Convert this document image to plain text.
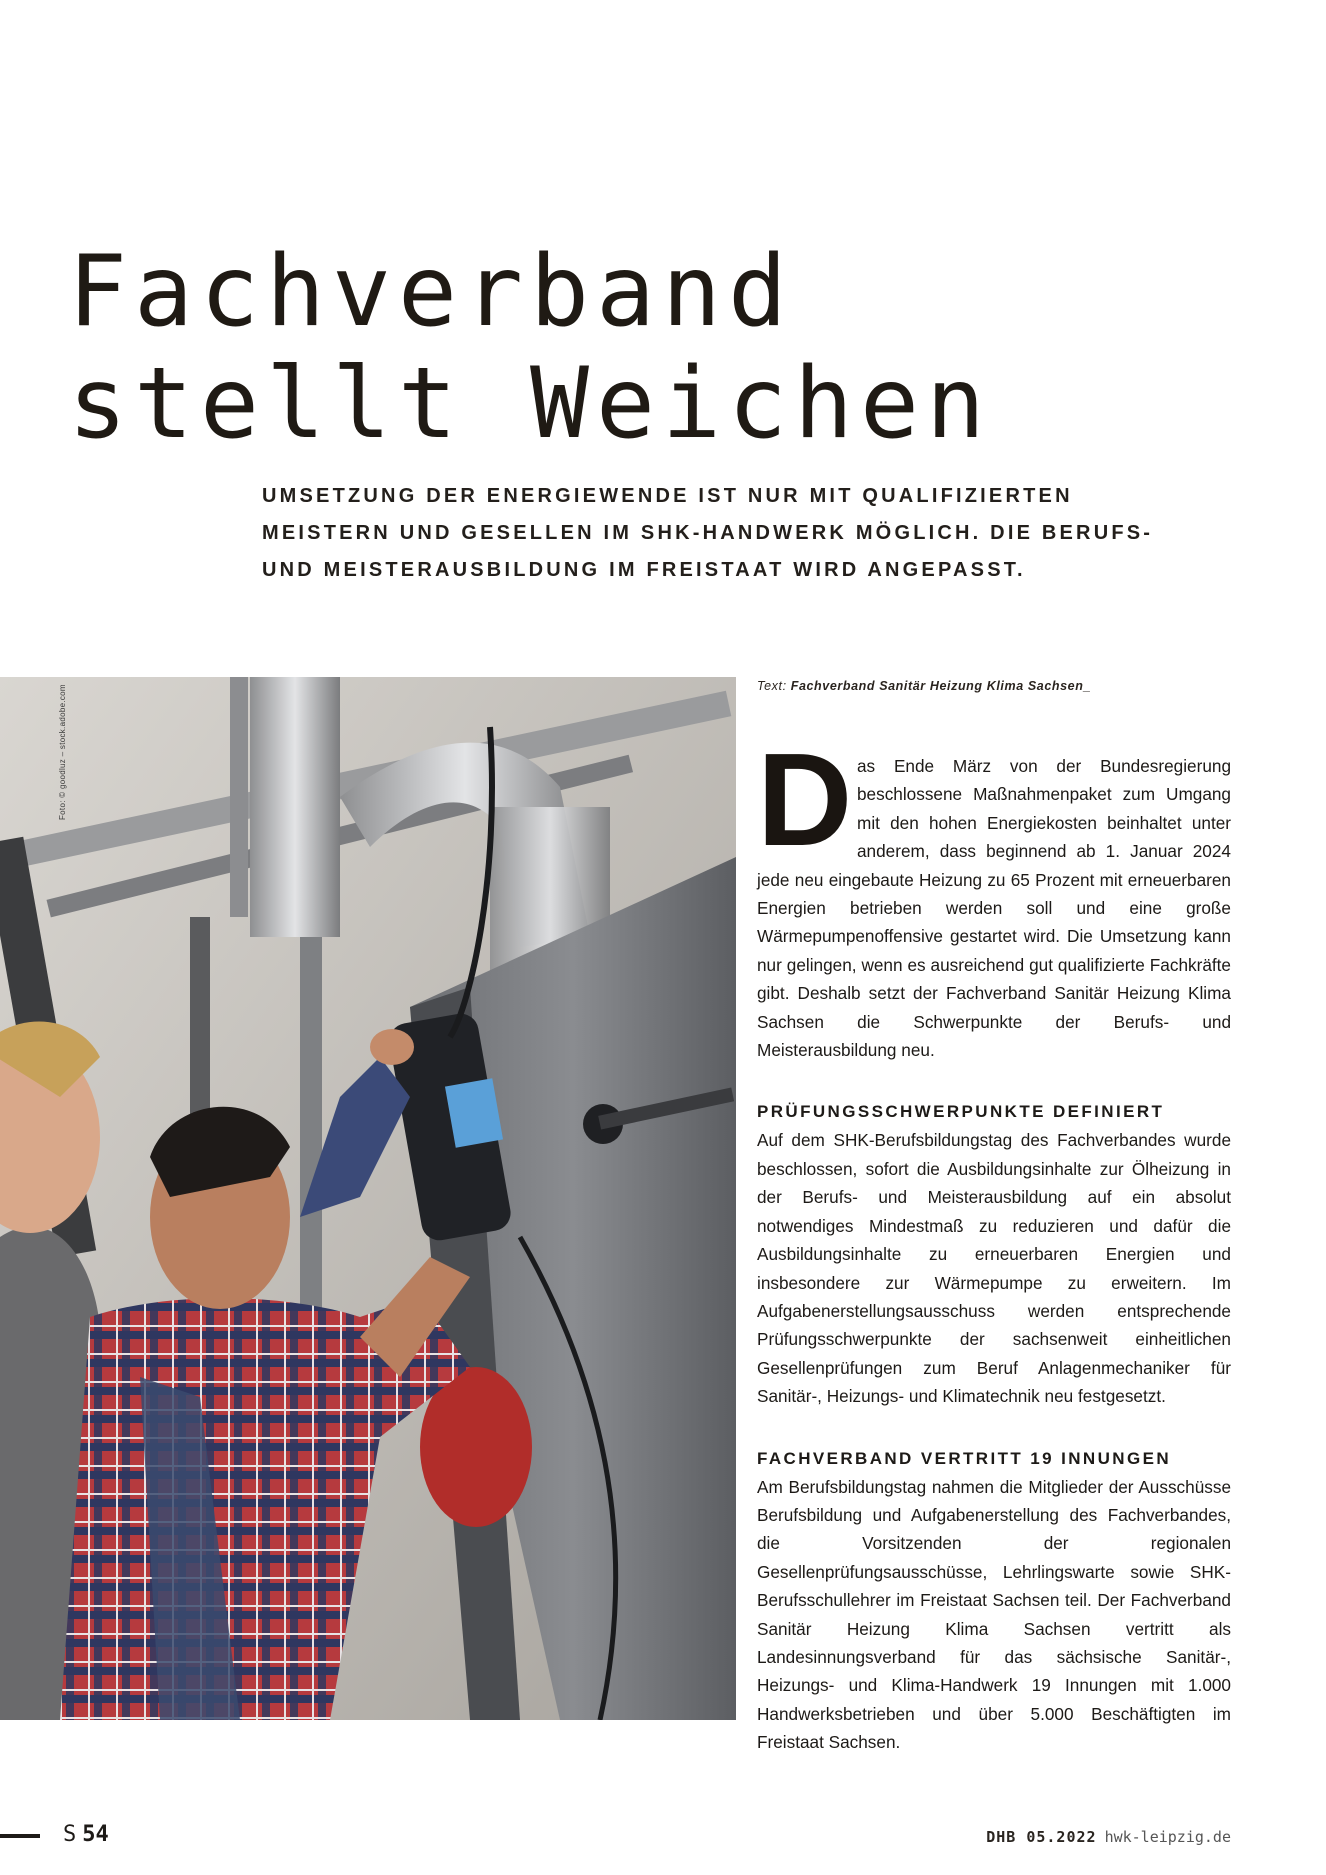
Fachverband
stellt Weichen

UMSETZUNG DER ENERGIEWENDE IST NUR MIT QUALIFIZIERTEN
MEISTERN UND GESELLEN IM SHK-HANDWERK MÖGLICH. DIE BERUFS-
UND MEISTERAUSBILDUNG IM FREISTAAT WIRD ANGEPASST.

Foto: © goodluz – stock.adobe.com	Text: Fachverband Sanitär Heizung Klima Sachsen_

Das Ende März von der Bundesregierung beschlossene Maßnahmenpaket zum Umgang mit den hohen Energiekosten beinhaltet unter anderem, dass beginnend ab 1. Januar 2024 jede neu eingebaute Heizung zu 65 Prozent mit erneuerbaren Energien betrieben werden soll und eine große Wärmepumpenoffensive gestartet wird. Die Umsetzung kann nur gelingen, wenn es ausreichend gut qualifizierte Fachkräfte gibt. Deshalb setzt der Fachverband Sanitär Heizung Klima Sachsen die Schwerpunkte der Berufs- und Meisterausbildung neu.

PRÜFUNGSSCHWERPUNKTE DEFINIERT

Auf dem SHK-Berufsbildungstag des Fachverbandes wurde beschlossen, sofort die Ausbildungsinhalte zur Ölheizung in der Berufs- und Meisterausbildung auf ein absolut notwendiges Mindestmaß zu reduzieren und dafür die Ausbildungsinhalte zu erneuerbaren Energien und insbesondere zur Wärmepumpe zu erweitern. Im Aufgabenerstellungsausschuss werden entsprechende Prüfungsschwerpunkte der sachsenweit einheitlichen Gesellenprüfungen zum Beruf Anlagenmechaniker für Sanitär-, Heizungs- und Klimatechnik neu festgesetzt.

FACHVERBAND VERTRITT 19 INNUNGEN

Am Berufsbildungstag nahmen die Mitglieder der Ausschüsse Berufsbildung und Aufgabenerstellung des Fachverbandes, die Vorsitzenden der regionalen Gesellenprüfungsausschüsse, Lehrlingswarte sowie SHK-Berufsschullehrer im Freistaat Sachsen teil. Der Fachverband Sanitär Heizung Klima Sachsen vertritt als Landesinnungsverband für das sächsische Sanitär-, Heizungs- und Klima-Handwerk 19 Innungen mit 1.000 Handwerksbetrieben und über 5.000 Beschäftigten im Freistaat Sachsen.

S 54	DHB 05.2022 hwk-leipzig.de
